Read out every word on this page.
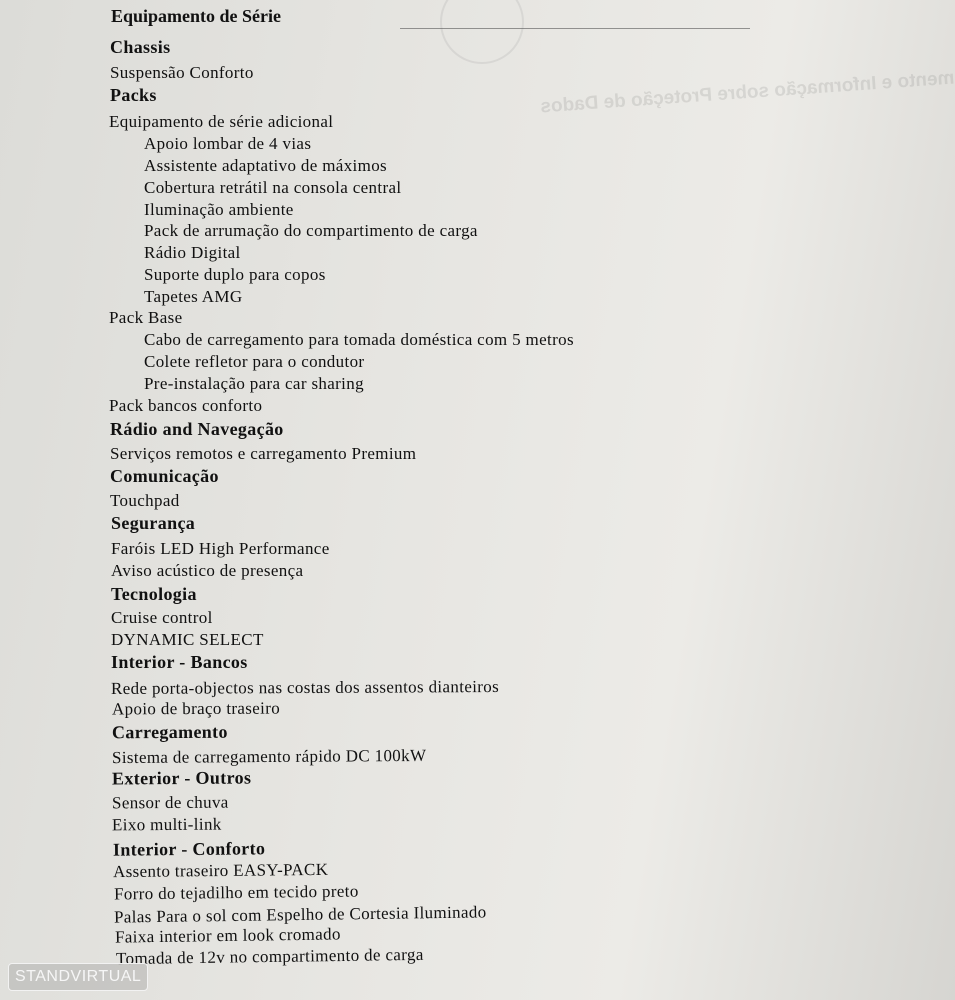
mento e Informação sobre Proteção de Dados
Equipamento de Série
Chassis
Suspensão Conforto
Packs
Equipamento de série adicional
Apoio lombar de 4 vias
Assistente adaptativo de máximos
Cobertura retrátil na consola central
Iluminação ambiente
Pack de arrumação do compartimento de carga
Rádio Digital
Suporte duplo para copos
Tapetes AMG
Pack Base
Cabo de carregamento para tomada doméstica com 5 metros
Colete refletor para o condutor
Pre-instalação para car sharing
Pack bancos conforto
Rádio and Navegação
Serviços remotos e carregamento Premium
Comunicação
Touchpad
Segurança
Faróis LED High Performance
Aviso acústico de presença
Tecnologia
Cruise control
DYNAMIC SELECT
Interior - Bancos
Rede porta-objectos nas costas dos assentos dianteiros
Apoio de braço traseiro
Carregamento
Sistema de carregamento rápido DC 100kW
Exterior - Outros
Sensor de chuva
Eixo multi-link
Interior - Conforto
Assento traseiro EASY-PACK
Forro do tejadilho em tecido preto
Palas Para o sol com Espelho de Cortesia Iluminado
Faixa interior em look cromado
Tomada de 12v no compartimento de carga
STANDVIRTUAL
